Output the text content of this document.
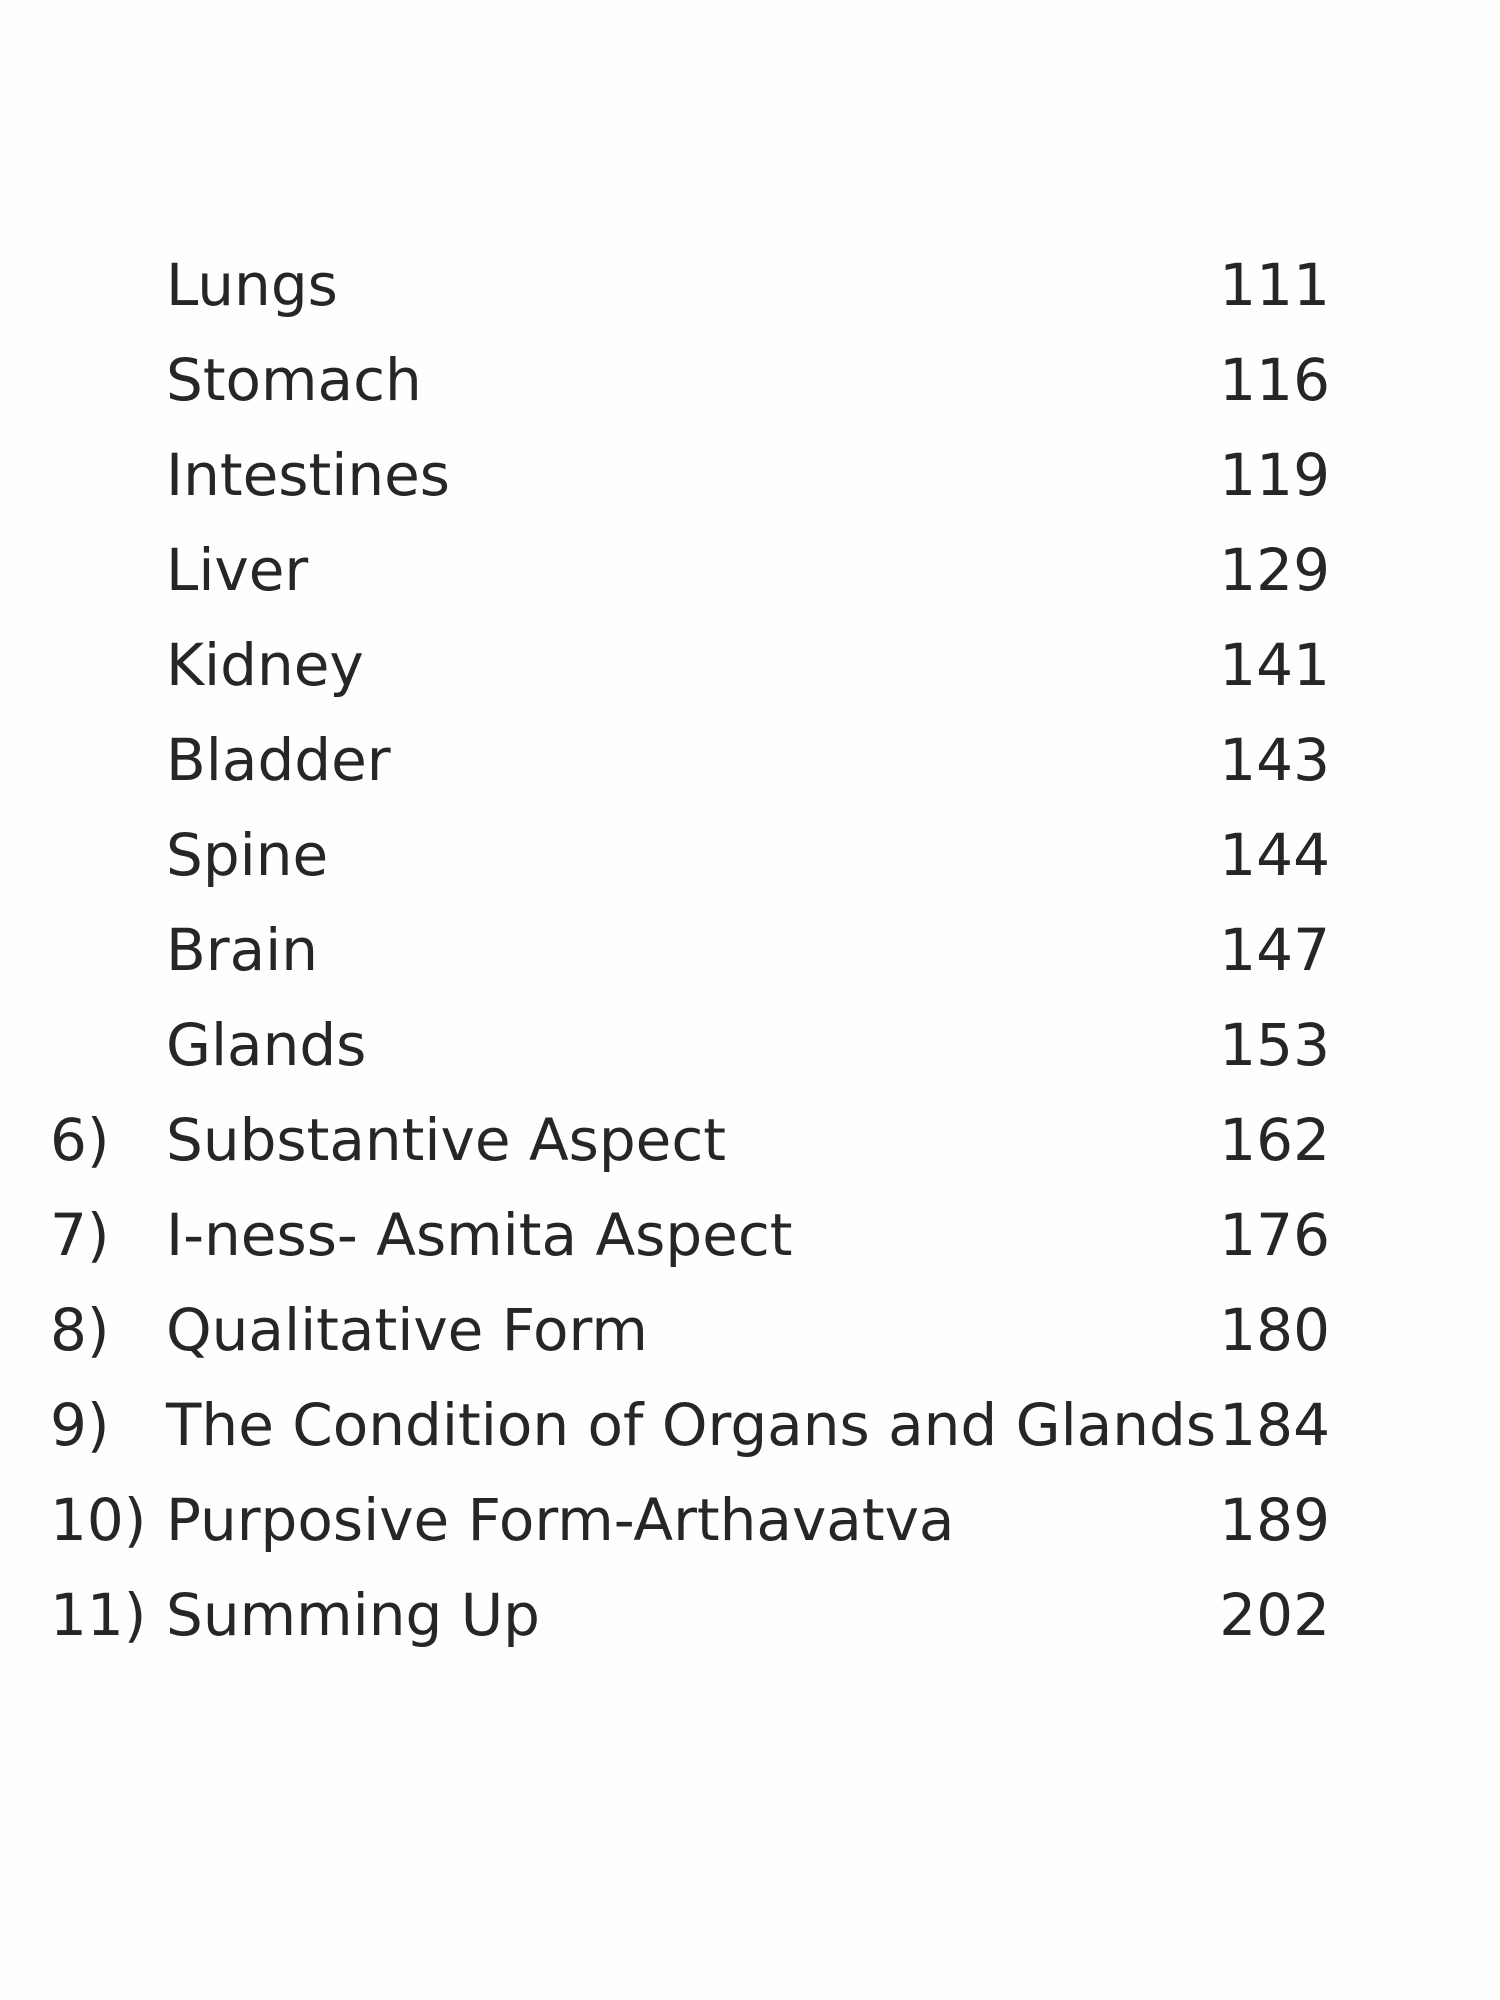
Lungs	111
Stomach	116
Intestines	119
Liver	129
Kidney	141
Bladder	143
Spine	144
Brain	147
Glands	153
6) Substantive Aspect	162
7) I-ness- Asmita Aspect	176
8) Qualitative Form	180
9) The Condition of Organs and Glands 184
10) Purposive Form-Arthavatva	189
11) Summing Up	202
